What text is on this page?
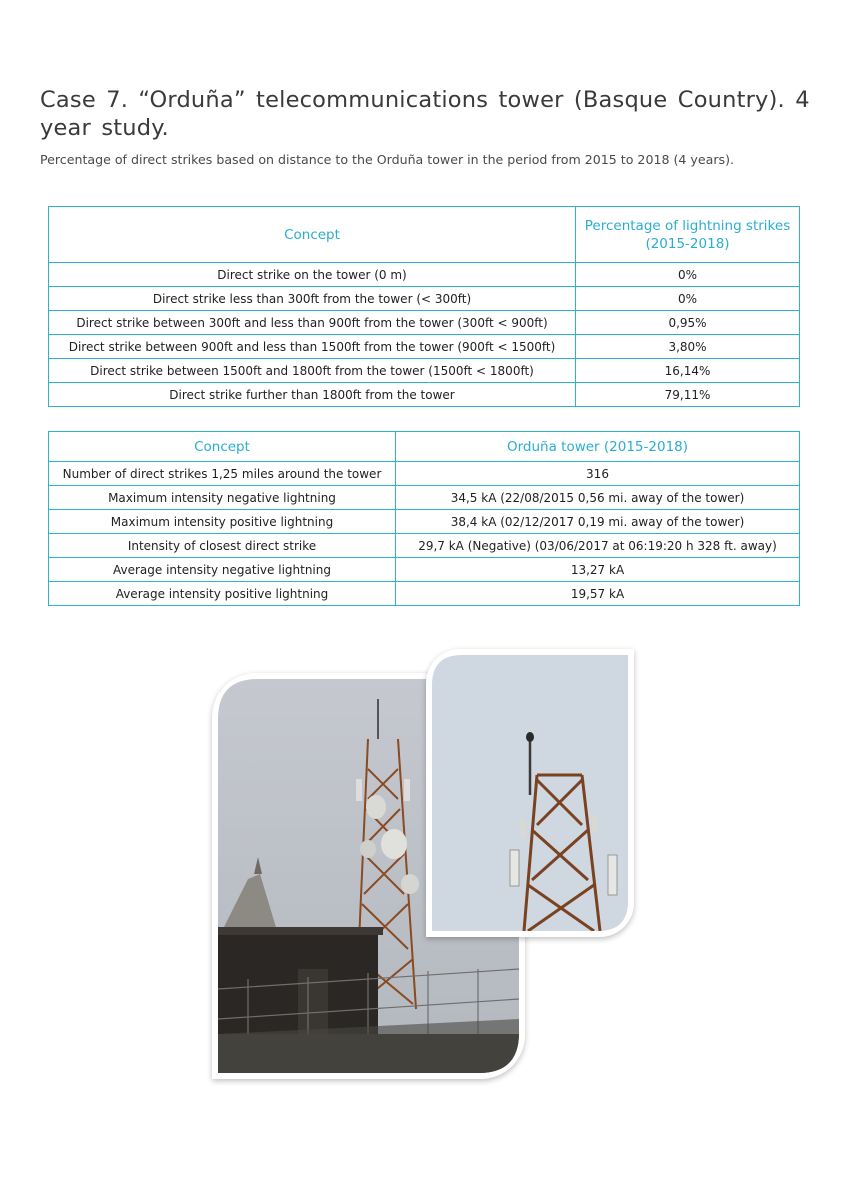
Case 7. “Orduña” telecommunications tower (Basque Country). 4 year study.

Percentage of direct strikes based on distance to the Orduña tower in the period from 2015 to 2018 (4 years).

Concept	Percentage of lightning strikes
(2015-2018)
Direct strike on the tower (0 m)	0%
Direct strike less than 300ft from the tower (< 300ft)	0%
Direct strike between 300ft and less than 900ft from the tower (300ft < 900ft)	0,95%
Direct strike between 900ft and less than 1500ft from the tower (900ft < 1500ft)	3,80%
Direct strike between 1500ft and 1800ft from the tower (1500ft < 1800ft)	16,14%
Direct strike further than 1800ft from the tower	79,11%
Concept	Orduña tower (2015-2018)
Number of direct strikes 1,25 miles around the tower	316
Maximum intensity negative lightning	34,5 kA (22/08/2015 0,56 mi. away of the tower)
Maximum intensity positive lightning	38,4 kA (02/12/2017 0,19 mi. away of the tower)
Intensity of closest direct strike	29,7 kA (Negative) (03/06/2017 at 06:19:20 h 328 ft. away)
Average intensity negative lightning	13,27 kA
Average intensity positive lightning	19,57 kA
